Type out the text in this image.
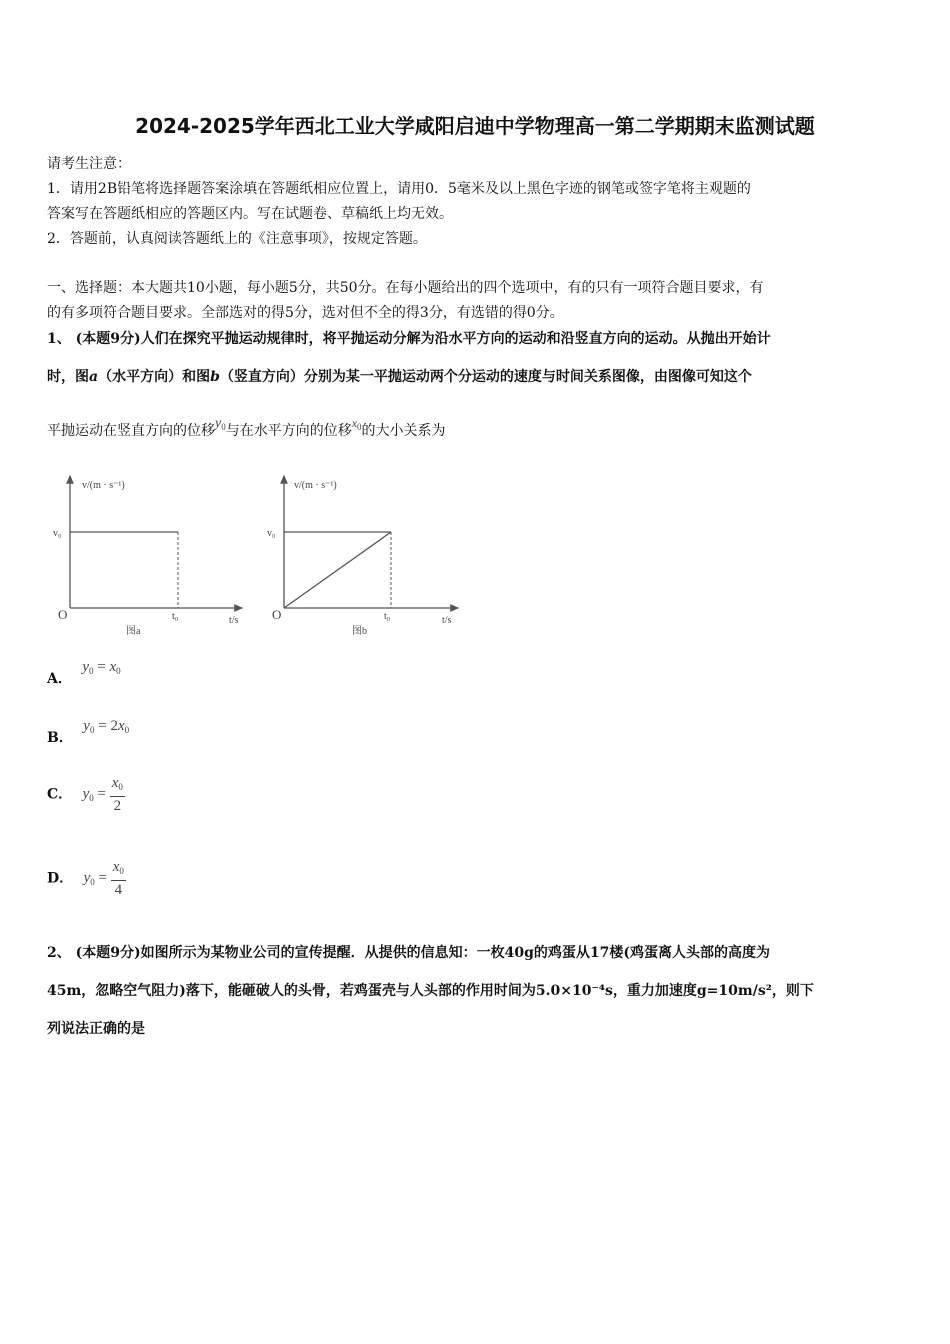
2024-2025学年西北工业大学咸阳启迪中学物理高一第二学期期末监测试题
请考生注意：
1．请用2B铅笔将选择题答案涂填在答题纸相应位置上，请用0．5毫米及以上黑色字迹的钢笔或签字笔将主观题的
答案写在答题纸相应的答题区内。写在试题卷、草稿纸上均无效。
2．答题前，认真阅读答题纸上的《注意事项》，按规定答题。
一、选择题：本大题共10小题，每小题5分，共50分。在每小题给出的四个选项中，有的只有一项符合题目要求，有
的有多项符合题目要求。全部选对的得5分，选对但不全的得3分，有选错的得0分。
1、 (本题9分)人们在探究平抛运动规律时，将平抛运动分解为沿水平方向的运动和沿竖直方向的运动。从抛出开始计
时，图a（水平方向）和图b（竖直方向）分别为某一平抛运动两个分运动的速度与时间关系图像，由图像可知这个
平抛运动在竖直方向的位移$y_0$与在水平方向的位移$x_0$的大小关系为
v/(m · s⁻¹)
v₀
O	t₀	t/s
图a
v/(m · s⁻¹)
v₀
O	t₀	t/s
图b
A． $y_0 = x_0$
B． $y_0 = 2x_0$
C． $y_0 = \frac{x_0}{2}$
D． $y_0 = \frac{x_0}{4}$
2、 (本题9分)如图所示为某物业公司的宣传提醒．从提供的信息知：一枚40g的鸡蛋从17楼(鸡蛋离人头部的高度为
45m，忽略空气阻力)落下，能砸破人的头骨，若鸡蛋壳与人头部的作用时间为5.0×10⁻⁴s，重力加速度g=10m/s²，则下
列说法正确的是
